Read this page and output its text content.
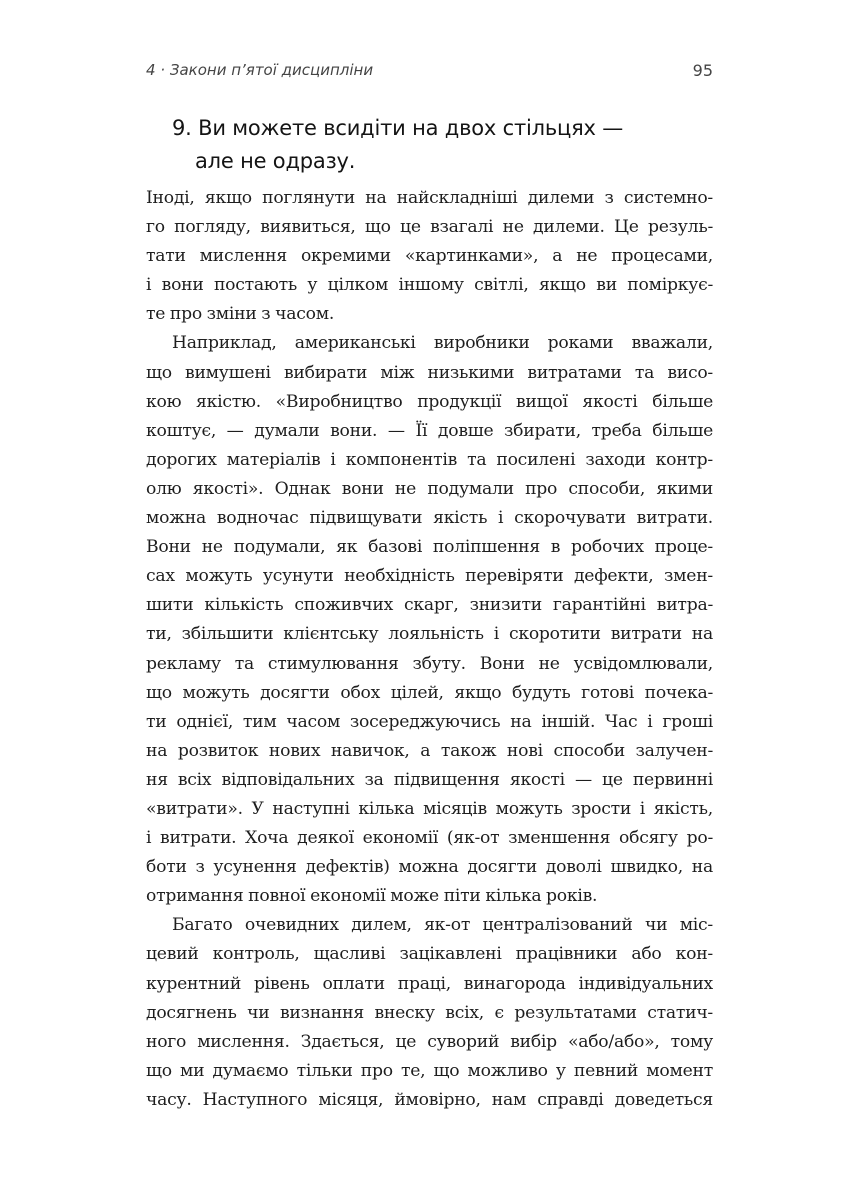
4 · Закони п’ятої дисципліни	95
9. Ви можете всидіти на двох стільцях —
але не одразу.
Іноді, якщо поглянути на найскладніші дилеми з системно-
го погляду, виявиться, що це взагалі не дилеми. Це резуль-
тати мислення окремими «картинками», а не процесами,
і вони постають у цілком іншому світлі, якщо ви поміркує-
те про зміни з часом.
Наприклад, американські виробники роками вважали,
що вимушені вибирати між низькими витратами та висо-
кою якістю. «Виробництво продукції вищої якості більше
коштує, — думали вони. — Її довше збирати, треба більше
дорогих матеріалів і компонентів та посилені заходи контр-
олю якості». Однак вони не подумали про способи, якими
можна водночас підвищувати якість і скорочувати витрати.
Вони не подумали, як базові поліпшення в робочих проце-
сах можуть усунути необхідність перевіряти дефекти, змен-
шити кількість споживчих скарг, знизити гарантійні витра-
ти, збільшити клієнтську лояльність і скоротити витрати на
рекламу та стимулювання збуту. Вони не усвідомлювали,
що можуть досягти обох цілей, якщо будуть готові почека-
ти однієї, тим часом зосереджуючись на іншій. Час і гроші
на розвиток нових навичок, а також нові способи залучен-
ня всіх відповідальних за підвищення якості — це первинні
«витрати». У наступні кілька місяців можуть зрости і якість,
і витрати. Хоча деякої економії (як-от зменшення обсягу ро-
боти з усунення дефектів) можна досягти доволі швидко, на
отримання повної економії може піти кілька років.
Багато очевидних дилем, як-от централізований чи міс-
цевий контроль, щасливі зацікавлені працівники або кон-
курентний рівень оплати праці, винагорода індивідуальних
досягнень чи визнання внеску всіх, є результатами статич-
ного мислення. Здається, це суворий вибір «або/або», тому
що ми думаємо тільки про те, що можливо у певний момент
часу. Наступного місяця, ймовірно, нам справді доведеться
